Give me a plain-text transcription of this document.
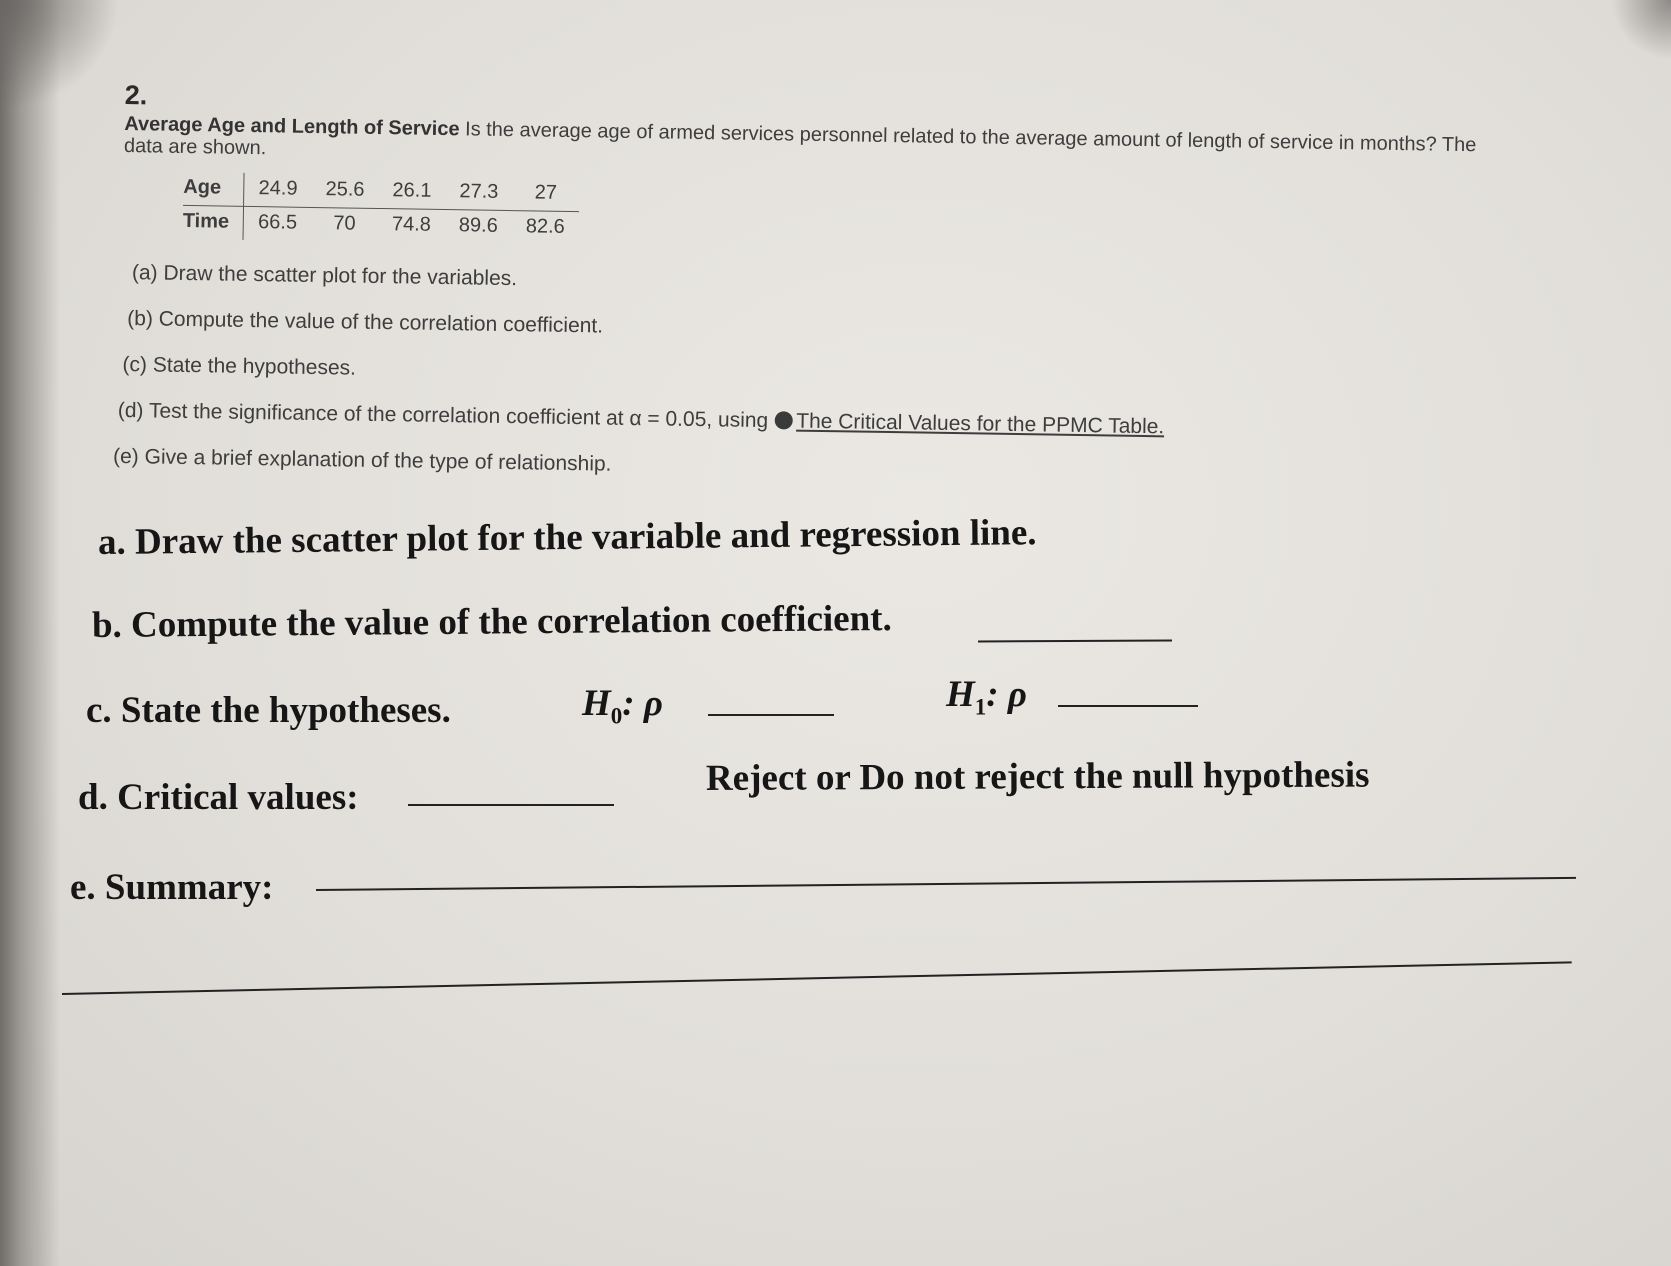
2.
Average Age and Length of Service Is the average age of armed services personnel related to the average amount of length of service in months? The data are shown.
Age	24.9	25.6	26.1	27.3	27
Time	66.5	70	74.8	89.6	82.6
(a) Draw the scatter plot for the variables.
(b) Compute the value of the correlation coefficient.
(c) State the hypotheses.
(d) Test the significance of the correlation coefficient at α = 0.05, using The Critical Values for the PPMC Table.
(e) Give a brief explanation of the type of relationship.
a. Draw the scatter plot for the variable and regression line.
b. Compute the value of the correlation coefficient.
c. State the hypotheses.	$H_0$: ρ	$H_1$: ρ
d. Critical values:	Reject or Do not reject the null hypothesis
e. Summary:
